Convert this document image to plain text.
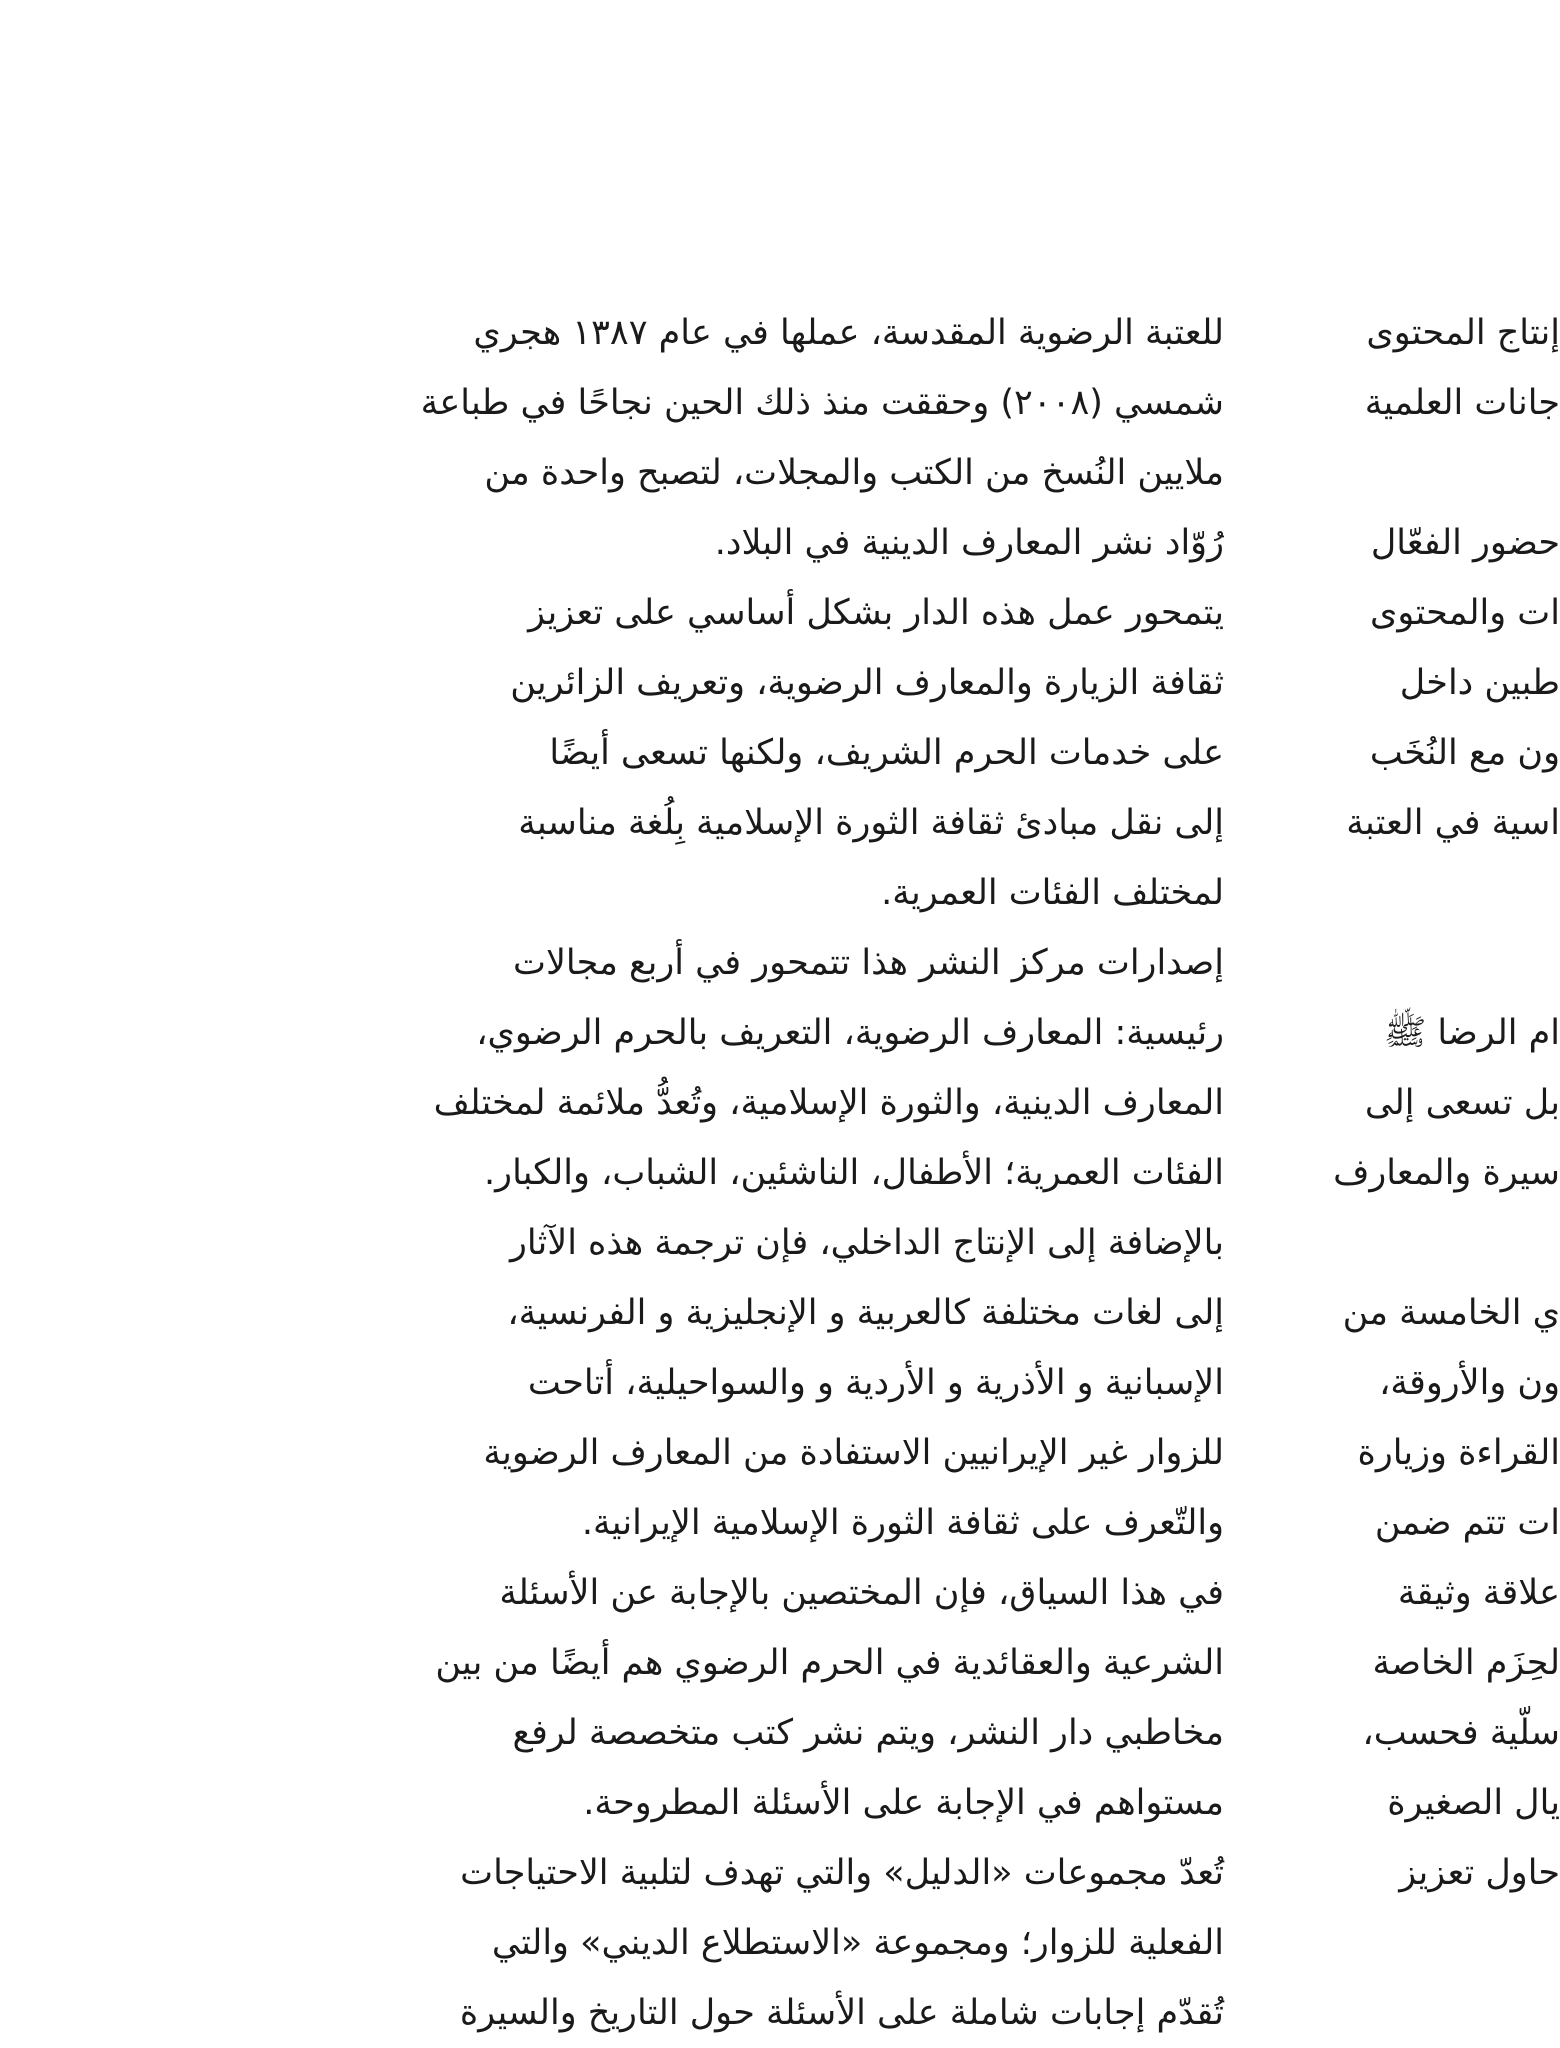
للعتبة الرضوية المقدسة، عملها في عام ١٣٨٧ هجري
شمسي (٢٠٠٨) وحققت منذ ذلك الحين نجاحًا في طباعة
ملايين النُسخ من الكتب والمجلات، لتصبح واحدة من
رُوّاد نشر المعارف الدينية في البلاد.
يتمحور عمل هذه الدار بشكل أساسي على تعزيز
ثقافة الزيارة والمعارف الرضوية، وتعريف الزائرين
على خدمات الحرم الشريف، ولكنها تسعى أيضًا
إلى نقل مبادئ ثقافة الثورة الإسلامية بِلُغة مناسبة
لمختلف الفئات العمرية.
إصدارات مركز النشر هذا تتمحور في أربع مجالات
رئيسية: المعارف الرضوية، التعريف بالحرم الرضوي،
المعارف الدينية، والثورة الإسلامية، وتُعدُّ ملائمة لمختلف
الفئات العمرية؛ الأطفال، الناشئين، الشباب، والكبار.
بالإضافة إلى الإنتاج الداخلي، فإن ترجمة هذه الآثار
إلى لغات مختلفة كالعربية و الإنجليزية و الفرنسية،
الإسبانية و الأذرية و الأردية و والسواحيلية، أتاحت
للزوار غير الإيرانيين الاستفادة من المعارف الرضوية
والتّعرف على ثقافة الثورة الإسلامية الإيرانية.
في هذا السياق، فإن المختصين بالإجابة عن الأسئلة
الشرعية والعقائدية في الحرم الرضوي هم أيضًا من بين
مخاطبي دار النشر، ويتم نشر كتب متخصصة لرفع
مستواهم في الإجابة على الأسئلة المطروحة.
تُعدّ مجموعات «الدليل» والتي تهدف لتلبية الاحتياجات
الفعلية للزوار؛ ومجموعة «الاستطلاع الديني» والتي
تُقدّم إجابات شاملة على الأسئلة حول التاريخ والسيرة
إنتاج المحتوى
جانات العلمية
حضور الفعّال
ات والمحتوى
طبين داخل
ون مع النُخَب
اسية في العتبة
ام الرضا ﷺ
بل تسعى إلى
سيرة والمعارف
ي الخامسة من
ون والأروقة،
القراءة وزيارة
ات تتم ضمن
علاقة وثيقة
لحِزَم الخاصة
سلّية فحسب،
يال الصغيرة
حاول تعزيز
